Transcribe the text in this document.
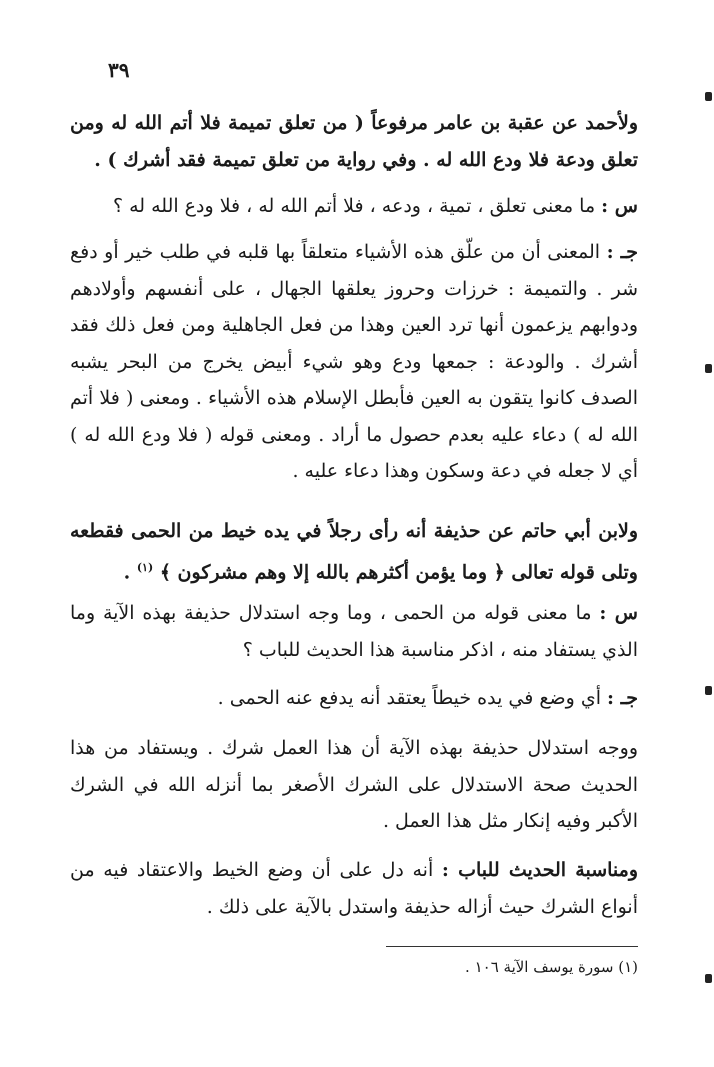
٣٩

ولأحمد عن عقبة بن عامر مرفوعاً ( من تعلق تميمة فلا أتم الله له ومن تعلق ودعة فلا ودع الله له . وفي رواية من تعلق تميمة فقد أشرك ) .

س : ما معنى تعلق ، تمية ، ودعه ، فلا أتم الله له ، فلا ودع الله له ؟

جـ : المعنى أن من علّق هذه الأشياء متعلقاً بها قلبه في طلب خير أو دفع شر . والتميمة : خرزات وحروز يعلقها الجهال ، على أنفسهم وأولادهم ودوابهم يزعمون أنها ترد العين وهذا من فعل الجاهلية ومن فعل ذلك فقد أشرك . والودعة : جمعها ودع وهو شيء أبيض يخرج من البحر يشبه الصدف كانوا يتقون به العين فأبطل الإسلام هذه الأشياء . ومعنى ( فلا أتم الله له ) دعاء عليه بعدم حصول ما أراد . ومعنى قوله ( فلا ودع الله له ) أي لا جعله في دعة وسكون وهذا دعاء عليه .

ولابن أبي حاتم عن حذيفة أنه رأى رجلاً في يده خيط من الحمى فقطعه وتلى قوله تعالى ﴿ وما يؤمن أكثرهم بالله إلا وهم مشركون ﴾ $^{(١)}$ .

س : ما معنى قوله من الحمى ، وما وجه استدلال حذيفة بهذه الآية وما الذي يستفاد منه ، اذكر مناسبة هذا الحديث للباب ؟

جـ : أي وضع في يده خيطاً يعتقد أنه يدفع عنه الحمى .

ووجه استدلال حذيفة بهذه الآية أن هذا العمل شرك . ويستفاد من هذا الحديث صحة الاستدلال على الشرك الأصغر بما أنزله الله في الشرك الأكبر وفيه إنكار مثل هذا العمل .

ومناسبة الحديث للباب : أنه دل على أن وضع الخيط والاعتقاد فيه من أنواع الشرك حيث أزاله حذيفة واستدل بالآية على ذلك .

(١) سورة يوسف الآية ١٠٦ .
